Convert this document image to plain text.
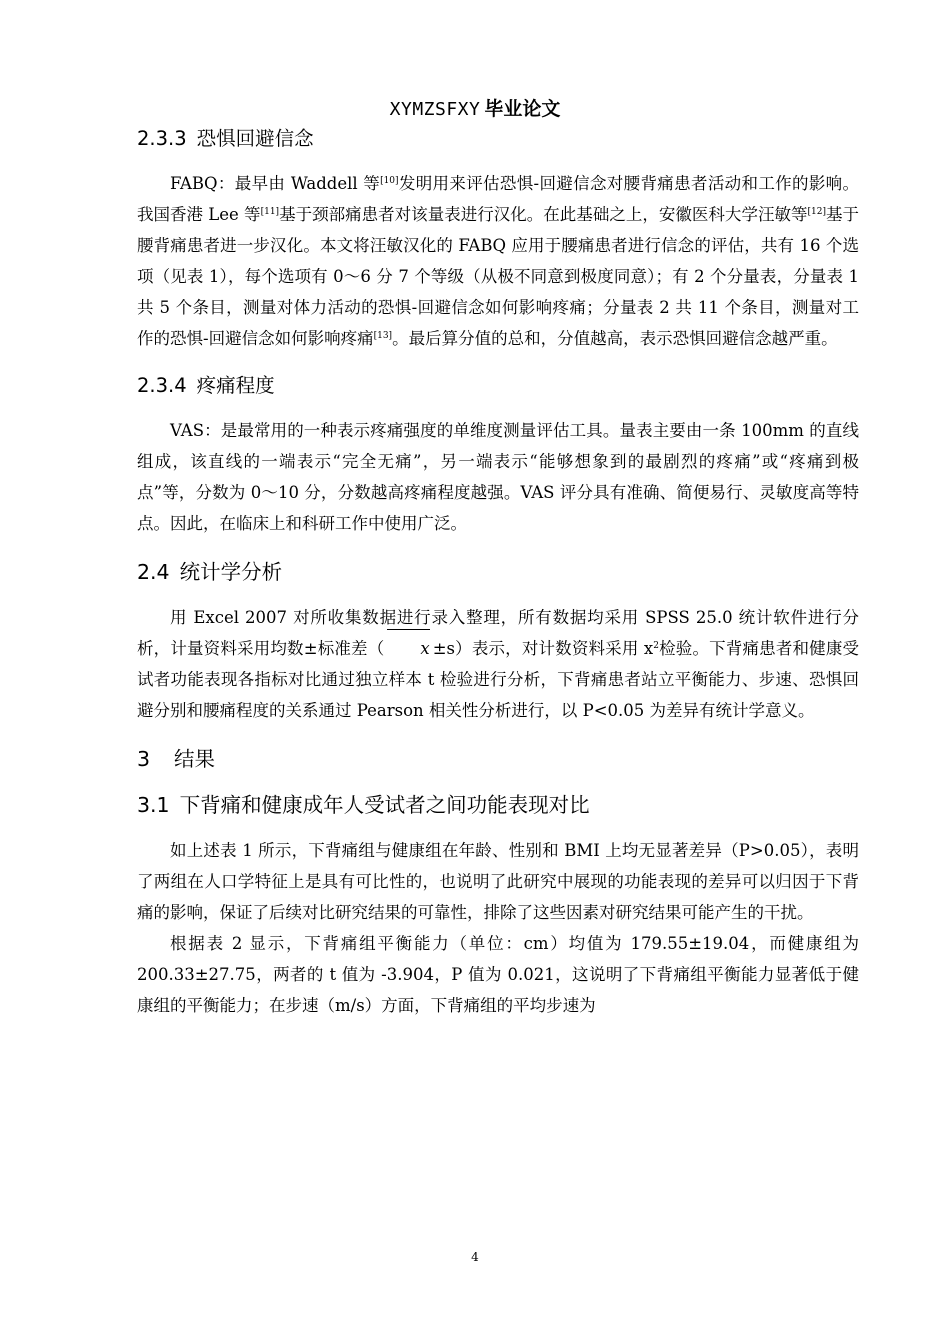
XYMZSFXY 毕业论文
2.3.3 恐惧回避信念

FABQ：最早由 Waddell 等[10]发明用来评估恐惧-回避信念对腰背痛患者活动和工作的影响。我国香港 Lee 等[11]基于颈部痛患者对该量表进行汉化。在此基础之上，安徽医科大学汪敏等[12]基于腰背痛患者进一步汉化。本文将汪敏汉化的 FABQ 应用于腰痛患者进行信念的评估，共有 16 个选项（见表 1），每个选项有 0～6 分 7 个等级（从极不同意到极度同意）；有 2 个分量表，分量表 1 共 5 个条目，测量对体力活动的恐惧-回避信念如何影响疼痛；分量表 2 共 11 个条目，测量对工作的恐惧-回避信念如何影响疼痛[13]。最后算分值的总和，分值越高，表示恐惧回避信念越严重。

2.3.4 疼痛程度

VAS：是最常用的一种表示疼痛强度的单维度测量评估工具。量表主要由一条 100mm 的直线组成，该直线的一端表示“完全无痛”，另一端表示“能够想象到的最剧烈的疼痛”或“疼痛到极点”等，分数为 0～10 分，分数越高疼痛程度越强。VAS 评分具有准确、简便易行、灵敏度高等特点。因此，在临床上和科研工作中使用广泛。

2.4 统计学分析

用 Excel 2007 对所收集数据进行录入整理，所有数据均采用 SPSS 25.0 统计软件进行分析，计量资料采用均数±标准差（ x ±s）表示，对计数资料采用 $x^2$检验。下背痛患者和健康受试者功能表现各指标对比通过独立样本 t 检验进行分析，下背痛患者站立平衡能力、步速、恐惧回避分别和腰痛程度的关系通过 Pearson 相关性分析进行，以 P<0.05 为差异有统计学意义。

3 结果
3.1 下背痛和健康成年人受试者之间功能表现对比

如上述表 1 所示，下背痛组与健康组在年龄、性别和 BMI 上均无显著差异（P>0.05），表明了两组在人口学特征上是具有可比性的，也说明了此研究中展现的功能表现的差异可以归因于下背痛的影响，保证了后续对比研究结果的可靠性，排除了这些因素对研究结果可能产生的干扰。

根据表 2 显示，下背痛组平衡能力（单位：cm）均值为 179.55±19.04，而健康组为 200.33±27.75，两者的 t 值为 -3.904，P 值为 0.021，这说明了下背痛组平衡能力显著低于健康组的平衡能力；在步速（m/s）方面，下背痛组的平均步速为

4
